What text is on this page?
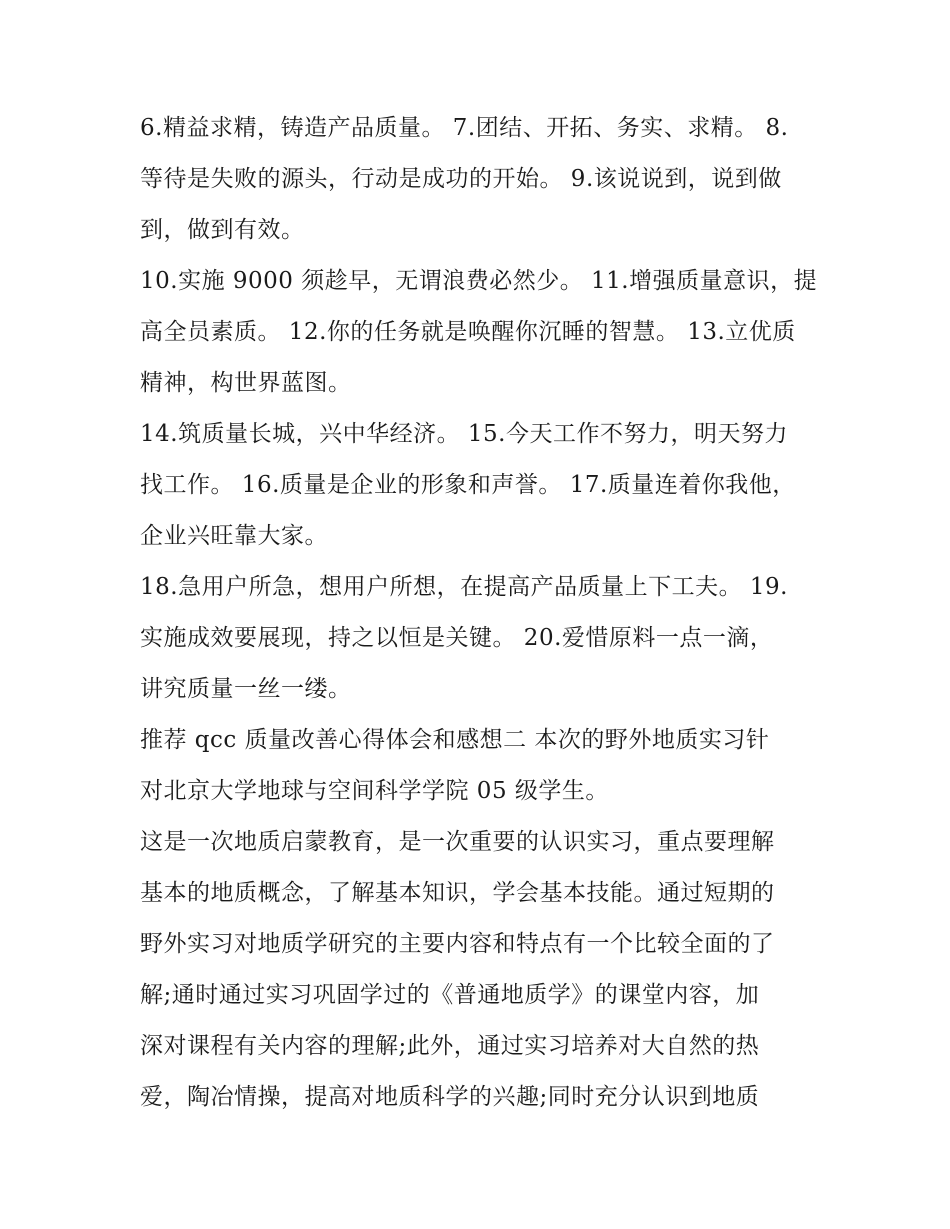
6.精益求精，铸造产品质量。 7.团结、开拓、务实、求精。 8.
等待是失败的源头，行动是成功的开始。 9.该说说到，说到做
到，做到有效。
10.实施 9000 须趁早，无谓浪费必然少。 11.增强质量意识，提
高全员素质。 12.你的任务就是唤醒你沉睡的智慧。 13.立优质
精神，构世界蓝图。
14.筑质量长城，兴中华经济。 15.今天工作不努力，明天努力
找工作。 16.质量是企业的形象和声誉。 17.质量连着你我他，
企业兴旺靠大家。
18.急用户所急，想用户所想，在提高产品质量上下工夫。 19.
实施成效要展现，持之以恒是关键。 20.爱惜原料一点一滴，
讲究质量一丝一缕。
推荐 qcc 质量改善心得体会和感想二 本次的野外地质实习针
对北京大学地球与空间科学学院 05 级学生。
这是一次地质启蒙教育，是一次重要的认识实习，重点要理解
基本的地质概念，了解基本知识，学会基本技能。通过短期的
野外实习对地质学研究的主要内容和特点有一个比较全面的了
解;通时通过实习巩固学过的《普通地质学》的课堂内容，加
深对课程有关内容的理解;此外，通过实习培养对大自然的热
爱，陶冶情操，提高对地质科学的兴趣;同时充分认识到地质
